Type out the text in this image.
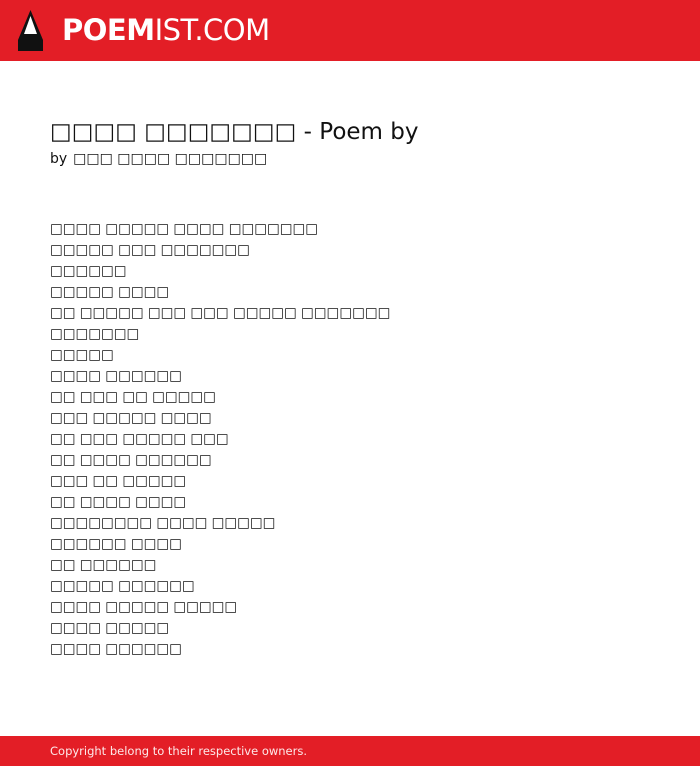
POEMIST.COM
□□□□ □□□□□□□ - Poem by
by □□□ □□□□ □□□□□□□
□□□□ □□□□□ □□□□ □□□□□□□
□□□□□ □□□ □□□□□□□
□□□□□□
□□□□□ □□□□
□□ □□□□□ □□□ □□□ □□□□□ □□□□□□□
□□□□□□□
□□□□□
□□□□ □□□□□□
□□ □□□ □□ □□□□□
□□□ □□□□□ □□□□
□□ □□□ □□□□□ □□□
□□ □□□□ □□□□□□
□□□ □□ □□□□□
□□ □□□□ □□□□
□□□□□□□□ □□□□ □□□□□
□□□□□□ □□□□
□□ □□□□□□
□□□□□ □□□□□□
□□□□ □□□□□ □□□□□
□□□□ □□□□□
□□□□ □□□□□□
Copyright belong to their respective owners.
